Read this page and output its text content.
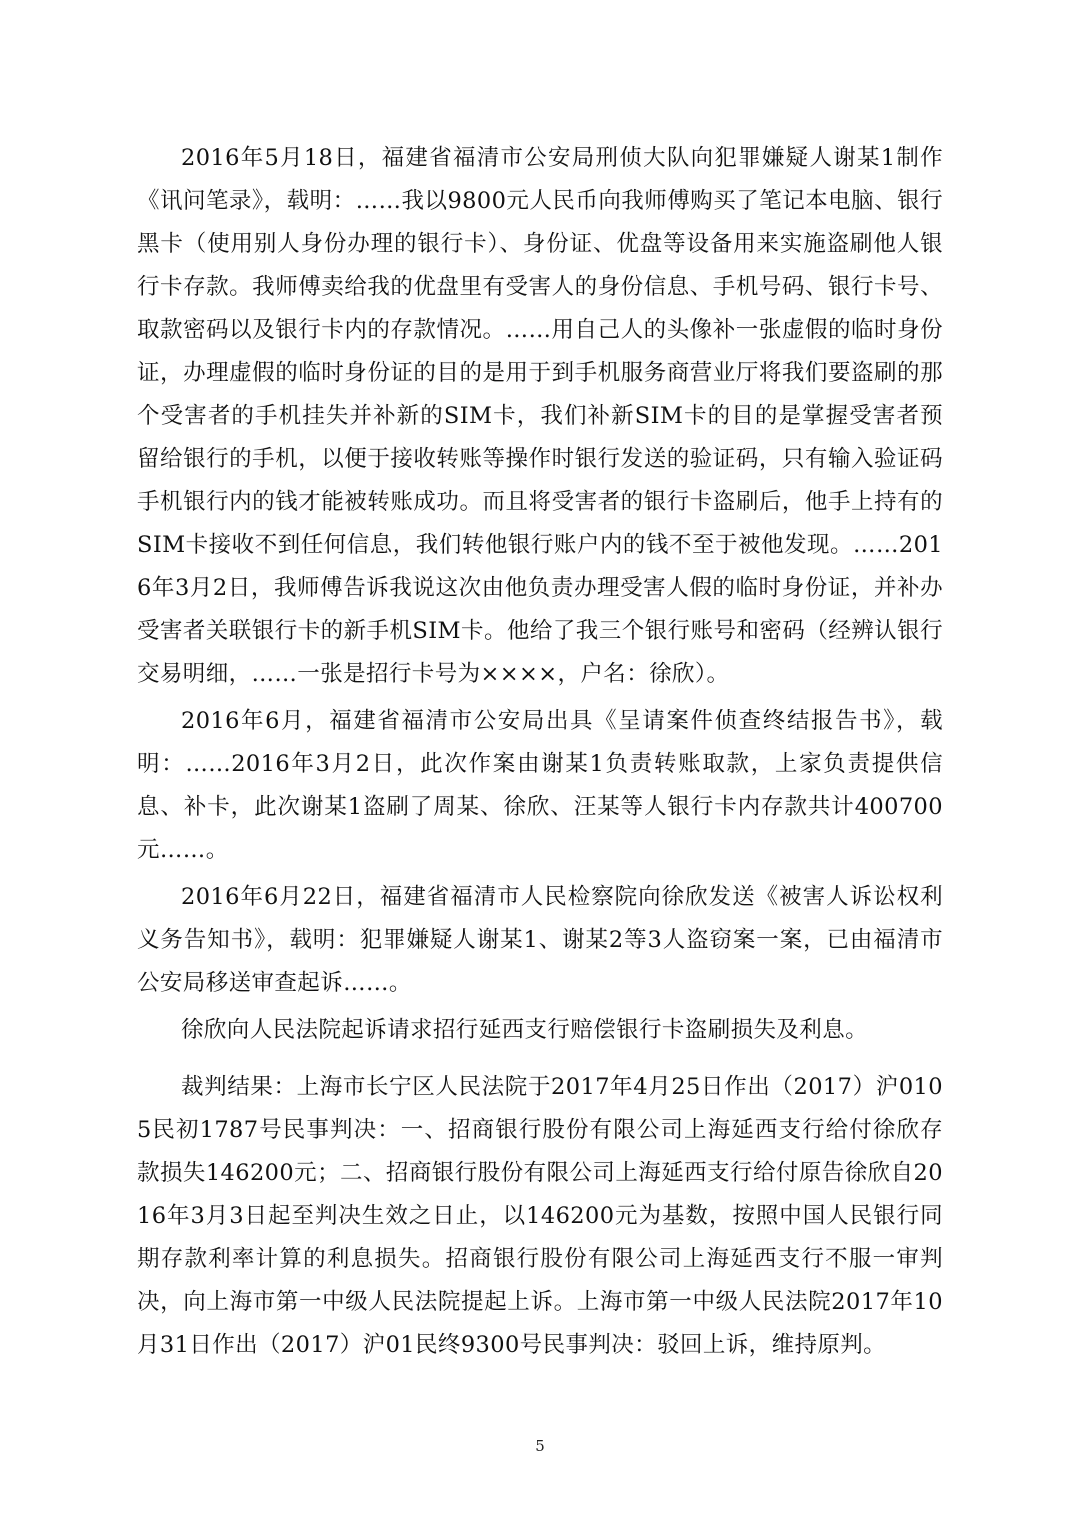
2016年5月18日，福建省福清市公安局刑侦大队向犯罪嫌疑人谢某1制作《讯问笔录》，载明：……我以9800元人民币向我师傅购买了笔记本电脑、银行黑卡（使用别人身份办理的银行卡）、身份证、优盘等设备用来实施盗刷他人银行卡存款。我师傅卖给我的优盘里有受害人的身份信息、手机号码、银行卡号、取款密码以及银行卡内的存款情况。……用自己人的头像补一张虚假的临时身份证，办理虚假的临时身份证的目的是用于到手机服务商营业厅将我们要盗刷的那个受害者的手机挂失并补新的SIM卡，我们补新SIM卡的目的是掌握受害者预留给银行的手机，以便于接收转账等操作时银行发送的验证码，只有输入验证码手机银行内的钱才能被转账成功。而且将受害者的银行卡盗刷后，他手上持有的SIM卡接收不到任何信息，我们转他银行账户内的钱不至于被他发现。……2016年3月2日，我师傅告诉我说这次由他负责办理受害人假的临时身份证，并补办受害者关联银行卡的新手机SIM卡。他给了我三个银行账号和密码（经辨认银行交易明细，……一张是招行卡号为××××，户名：徐欣）。

2016年6月，福建省福清市公安局出具《呈请案件侦查终结报告书》，载明：……2016年3月2日，此次作案由谢某1负责转账取款，上家负责提供信息、补卡，此次谢某1盗刷了周某、徐欣、汪某等人银行卡内存款共计400700元……。

2016年6月22日，福建省福清市人民检察院向徐欣发送《被害人诉讼权利义务告知书》，载明：犯罪嫌疑人谢某1、谢某2等3人盗窃案一案，已由福清市公安局移送审查起诉……。

徐欣向人民法院起诉请求招行延西支行赔偿银行卡盗刷损失及利息。

裁判结果：上海市长宁区人民法院于2017年4月25日作出（2017）沪0105民初1787号民事判决：一、招商银行股份有限公司上海延西支行给付徐欣存款损失146200元；二、招商银行股份有限公司上海延西支行给付原告徐欣自2016年3月3日起至判决生效之日止，以146200元为基数，按照中国人民银行同期存款利率计算的利息损失。招商银行股份有限公司上海延西支行不服一审判决，向上海市第一中级人民法院提起上诉。上海市第一中级人民法院2017年10月31日作出（2017）沪01民终9300号民事判决：驳回上诉，维持原判。

5
